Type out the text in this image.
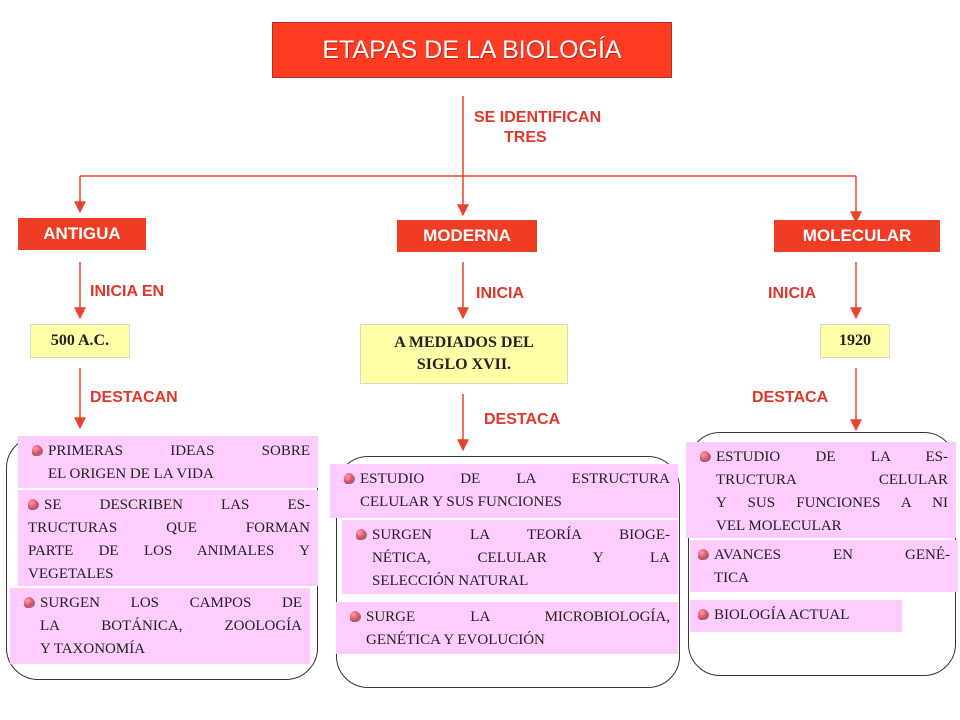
ETAPAS DE LA BIOLOGÍA
SE IDENTIFICAN
TRES
ANTIGUA
INICIA EN
500 A.C.
DESTACAN
PRIMERAS IDEAS SOBRE
EL ORIGEN DE LA VIDA
SE DESCRIBEN LAS ES-
TRUCTURAS QUE FORMAN
PARTE DE LOS ANIMALES Y
VEGETALES
SURGEN LOS CAMPOS DE
LA BOTÁNICA, ZOOLOGÍA
Y TAXONOMÍA
MODERNA
INICIA
A MEDIADOS DEL SIGLO XVII.
DESTACA
ESTUDIO DE LA ESTRUCTURA
CELULAR Y SUS FUNCIONES
SURGEN LA TEORÍA BIOGE-
NÉTICA, CELULAR Y LA
SELECCIÓN NATURAL
SURGE LA MICROBIOLOGÍA,
GENÉTICA Y EVOLUCIÓN
MOLECULAR
INICIA
1920
DESTACA
ESTUDIO DE LA ES-
TRUCTURA CELULAR
Y SUS FUNCIONES A NI
VEL MOLECULAR
AVANCES EN GENÉ-
TICA
BIOLOGÍA ACTUAL
